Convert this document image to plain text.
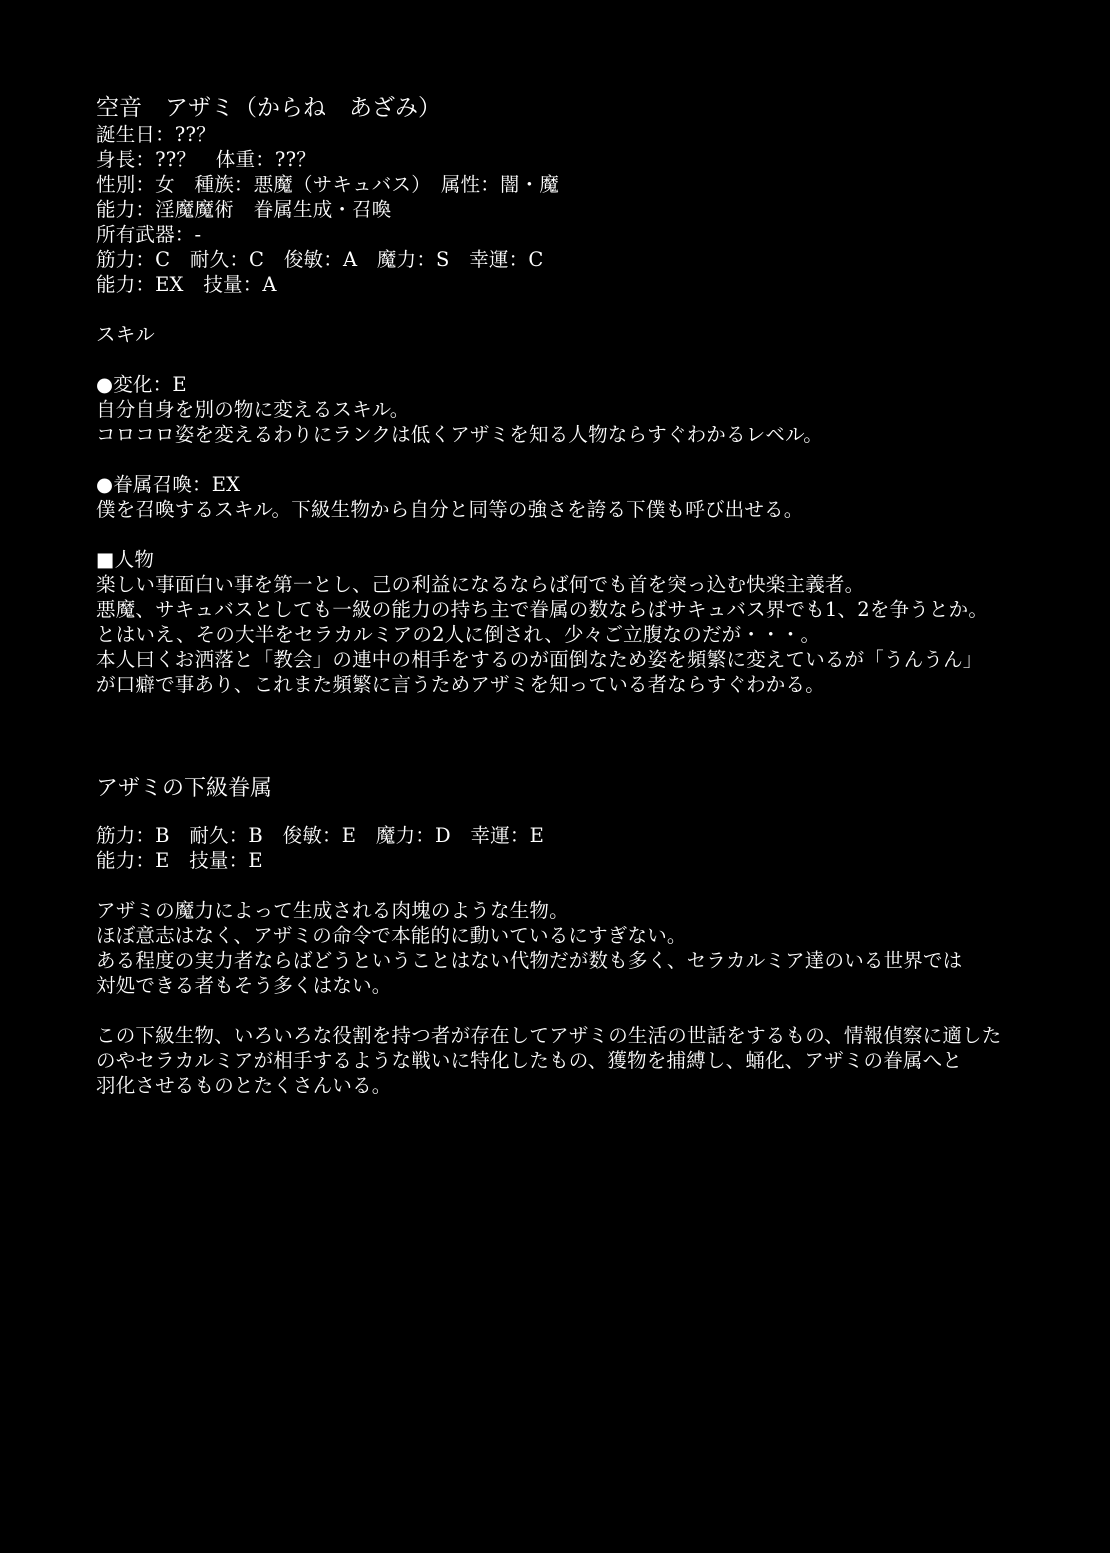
空音　アザミ（からね　あざみ）
誕生日：??？
身長：??？　体重：??？
性別：女　種族：悪魔（サキュバス）　属性：闇・魔
能力：淫魔魔術　眷属生成・召喚
所有武器：-
筋力：C　耐久：C　俊敏：A　魔力：S　幸運：C
能力：EX　技量：A
スキル
●変化：E
自分自身を別の物に変えるスキル。
コロコロ姿を変えるわりにランクは低くアザミを知る人物ならすぐわかるレベル。
●眷属召喚：EX
僕を召喚するスキル。下級生物から自分と同等の強さを誇る下僕も呼び出せる。
■人物
楽しい事面白い事を第一とし、己の利益になるならば何でも首を突っ込む快楽主義者。
悪魔、サキュバスとしても一級の能力の持ち主で眷属の数ならばサキュバス界でも1、2を争うとか。
とはいえ、その大半をセラカルミアの2人に倒され、少々ご立腹なのだが・・・。
本人曰くお洒落と「教会」の連中の相手をするのが面倒なため姿を頻繁に変えているが「うんうん」
が口癖で事あり、これまた頻繁に言うためアザミを知っている者ならすぐわかる。
アザミの下級眷属
筋力：B　耐久：B　俊敏：E　魔力：D　幸運：E
能力：E　技量：E
アザミの魔力によって生成される肉塊のような生物。
ほぼ意志はなく、アザミの命令で本能的に動いているにすぎない。
ある程度の実力者ならばどうということはない代物だが数も多く、セラカルミア達のいる世界では
対処できる者もそう多くはない。
この下級生物、いろいろな役割を持つ者が存在してアザミの生活の世話をするもの、情報偵察に適した
のやセラカルミアが相手するような戦いに特化したもの、獲物を捕縛し、蛹化、アザミの眷属へと
羽化させるものとたくさんいる。
